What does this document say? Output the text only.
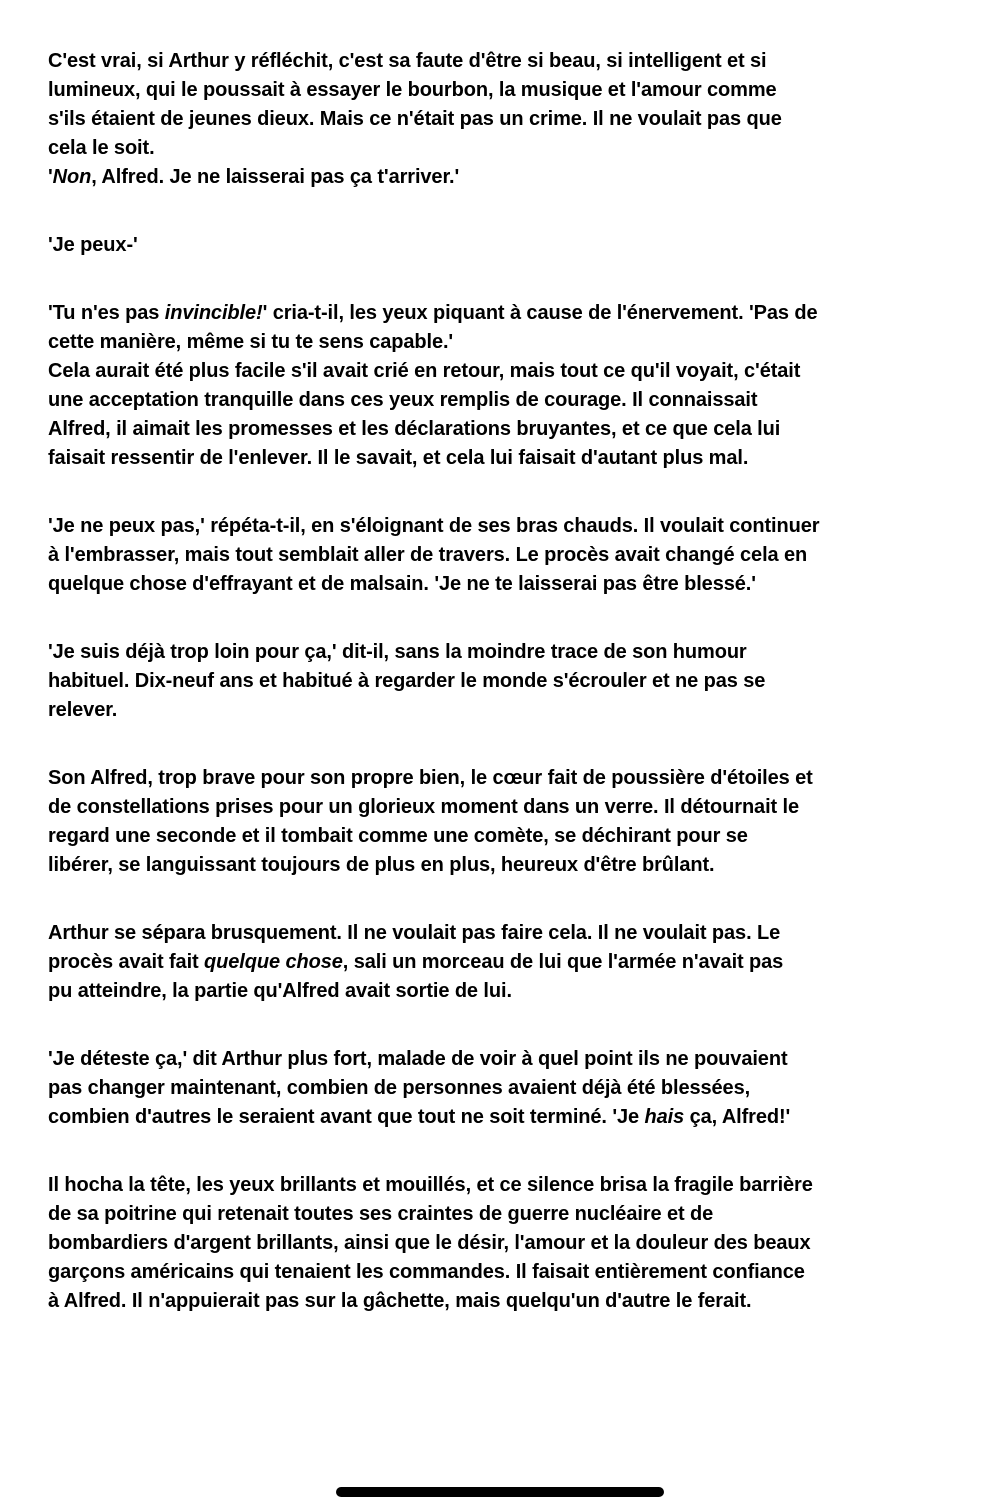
C'est vrai, si Arthur y réfléchit, c'est sa faute d'être si beau, si intelligent et si
lumineux, qui le poussait à essayer le bourbon, la musique et l'amour comme
s'ils étaient de jeunes dieux. Mais ce n'était pas un crime. Il ne voulait pas que
cela le soit.
'Non, Alfred. Je ne laisserai pas ça t'arriver.'

'Je peux-'

'Tu n'es pas invincible!' cria-t-il, les yeux piquant à cause de l'énervement. 'Pas de
cette manière, même si tu te sens capable.'
Cela aurait été plus facile s'il avait crié en retour, mais tout ce qu'il voyait, c'était
une acceptation tranquille dans ces yeux remplis de courage. Il connaissait
Alfred, il aimait les promesses et les déclarations bruyantes, et ce que cela lui
faisait ressentir de l'enlever. Il le savait, et cela lui faisait d'autant plus mal.

'Je ne peux pas,' répéta-t-il, en s'éloignant de ses bras chauds. Il voulait continuer
à l'embrasser, mais tout semblait aller de travers. Le procès avait changé cela en
quelque chose d'effrayant et de malsain. 'Je ne te laisserai pas être blessé.'

'Je suis déjà trop loin pour ça,' dit-il, sans la moindre trace de son humour
habituel. Dix-neuf ans et habitué à regarder le monde s'écrouler et ne pas se
relever.

Son Alfred, trop brave pour son propre bien, le cœur fait de poussière d'étoiles et
de constellations prises pour un glorieux moment dans un verre. Il détournait le
regard une seconde et il tombait comme une comète, se déchirant pour se
libérer, se languissant toujours de plus en plus, heureux d'être brûlant.

Arthur se sépara brusquement. Il ne voulait pas faire cela. Il ne voulait pas. Le
procès avait fait quelque chose, sali un morceau de lui que l'armée n'avait pas
pu atteindre, la partie qu'Alfred avait sortie de lui.

'Je déteste ça,' dit Arthur plus fort, malade de voir à quel point ils ne pouvaient
pas changer maintenant, combien de personnes avaient déjà été blessées,
combien d'autres le seraient avant que tout ne soit terminé. 'Je hais ça, Alfred!'

Il hocha la tête, les yeux brillants et mouillés, et ce silence brisa la fragile barrière
de sa poitrine qui retenait toutes ses craintes de guerre nucléaire et de
bombardiers d'argent brillants, ainsi que le désir, l'amour et la douleur des beaux
garçons américains qui tenaient les commandes. Il faisait entièrement confiance
à Alfred. Il n'appuierait pas sur la gâchette, mais quelqu'un d'autre le ferait.
